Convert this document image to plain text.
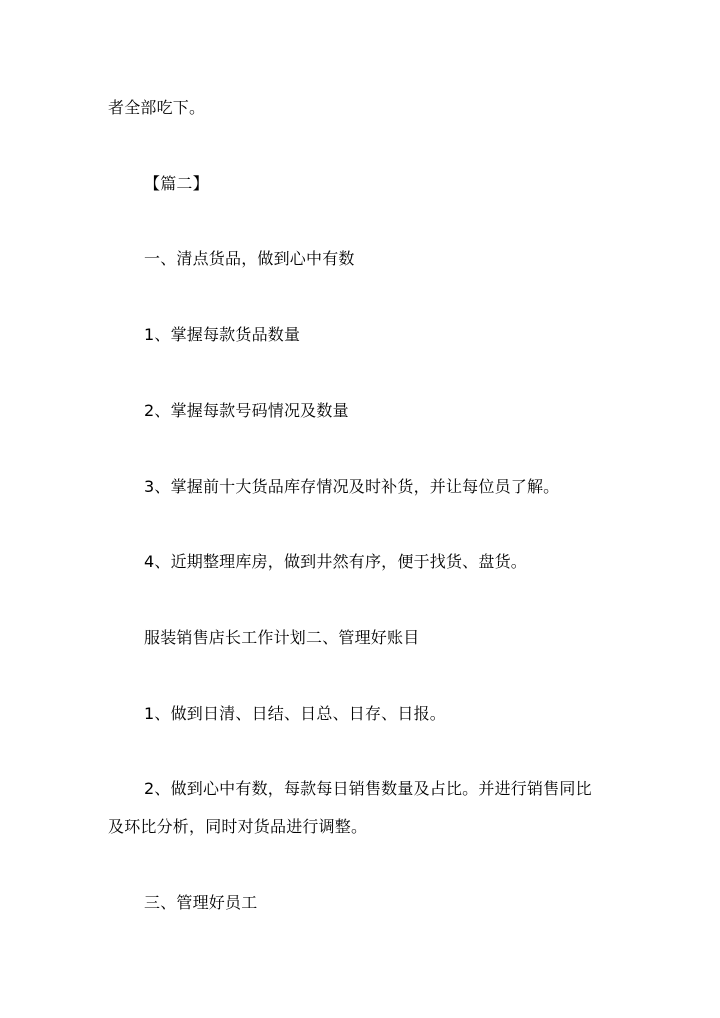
者全部吃下。
【篇二】
一、清点货品，做到心中有数
1、掌握每款货品数量
2、掌握每款号码情况及数量
3、掌握前十大货品库存情况及时补货，并让每位员了解。
4、近期整理库房，做到井然有序，便于找货、盘货。
服装销售店长工作计划二、管理好账目
1、做到日清、日结、日总、日存、日报。
2、做到心中有数，每款每日销售数量及占比。并进行销售同比
及环比分析，同时对货品进行调整。
三、管理好员工
